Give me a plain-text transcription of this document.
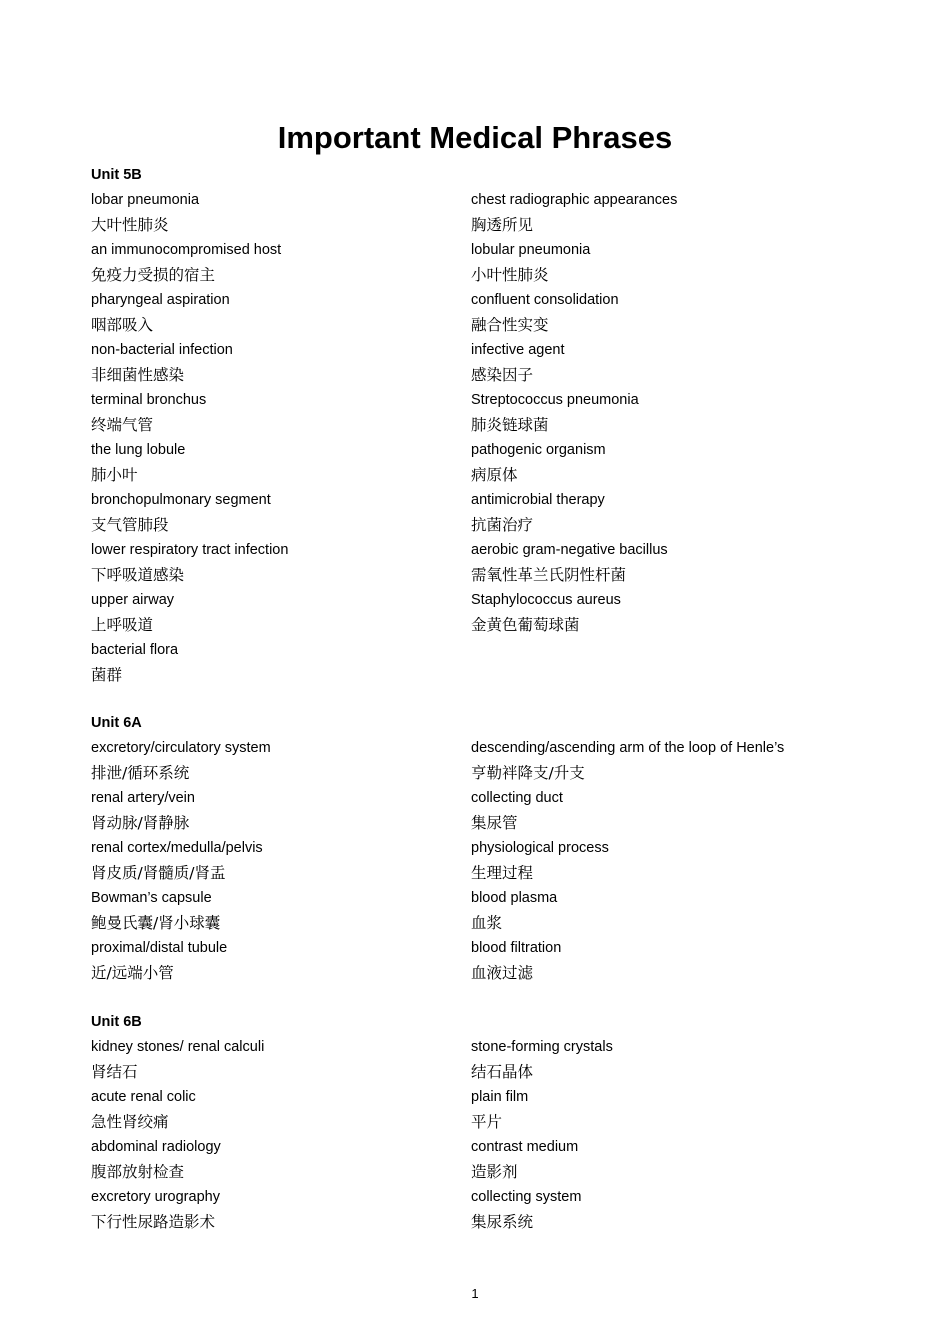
Important Medical Phrases
Unit 5B
lobar pneumonia
大叶性肺炎
an immunocompromised host
免疫力受损的宿主
pharyngeal aspiration
咽部吸入
non-bacterial infection
非细菌性感染
terminal bronchus
终端气管
the lung lobule
肺小叶
bronchopulmonary segment
支气管肺段
lower respiratory tract infection
下呼吸道感染
upper airway
上呼吸道
bacterial flora
菌群
chest radiographic appearances
胸透所见
lobular pneumonia
小叶性肺炎
confluent consolidation
融合性实变
infective agent
感染因子
Streptococcus pneumonia
肺炎链球菌
pathogenic organism
病原体
antimicrobial therapy
抗菌治疗
aerobic gram-negative bacillus
需氧性革兰氏阴性杆菌
Staphylococcus aureus
金黄色葡萄球菌
Unit 6A
excretory/circulatory system
排泄/循环系统
renal artery/vein
肾动脉/肾静脉
renal cortex/medulla/pelvis
肾皮质/肾髓质/肾盂
Bowman’s capsule
鲍曼氏囊/肾小球囊
proximal/distal tubule
近/远端小管
descending/ascending arm of the loop of Henle’s
亨勒袢降支/升支
collecting duct
集尿管
physiological process
生理过程
blood plasma
血浆
blood filtration
血液过滤
Unit 6B
kidney stones/ renal calculi
肾结石
acute renal colic
急性肾绞痛
abdominal radiology
腹部放射检查
excretory urography
下行性尿路造影术
stone-forming crystals
结石晶体
plain film
平片
contrast medium
造影剂
collecting system
集尿系统
1
